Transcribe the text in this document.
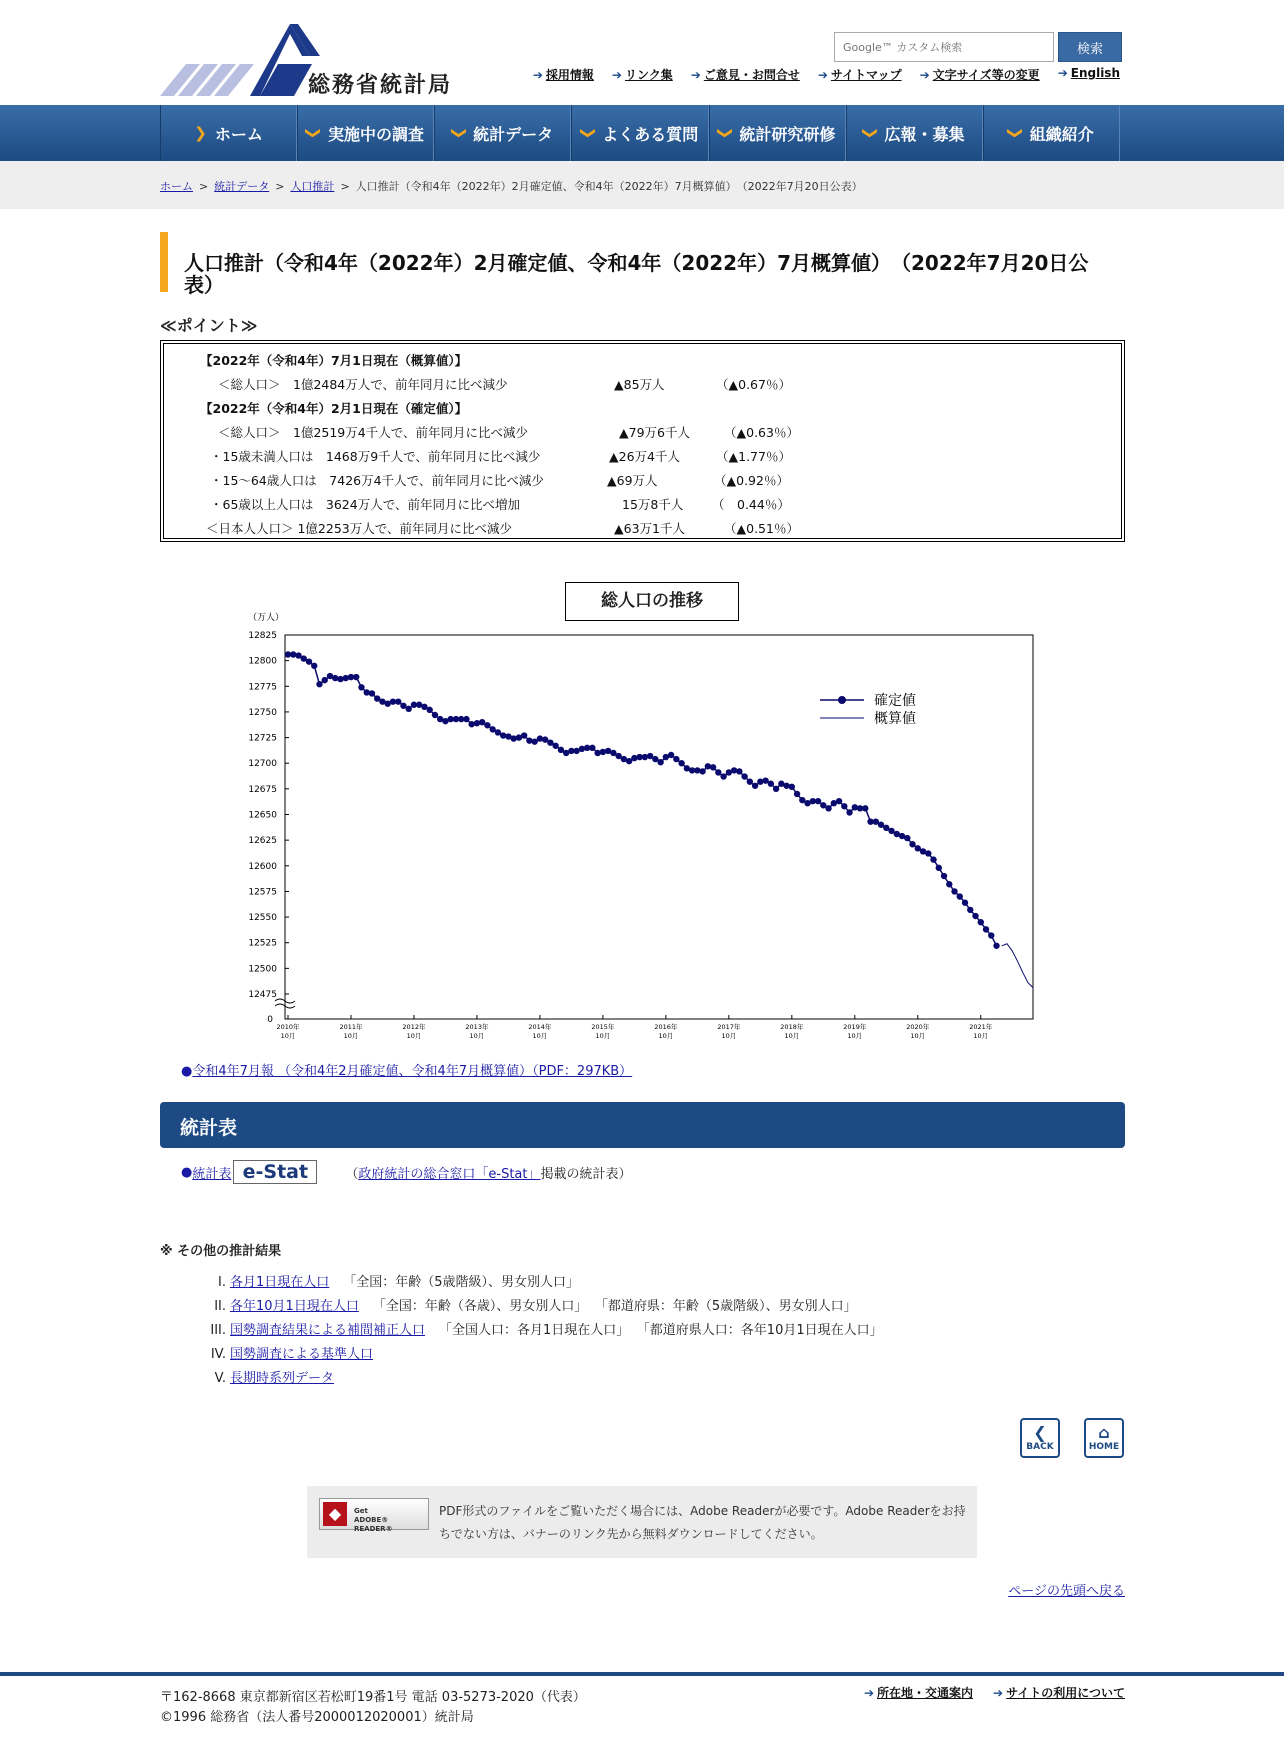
総務省統計局
Google™ カスタム検索
検索
➔ 採用情報 ➔ リンク集 ➔ ご意見・お問合せ ➔ サイトマップ ➔ 文字サイズ等の変更 ➔ English
❯ ホーム	❯ 実施中の調査 ❯ 統計データ ❯ よくある質問 ❯ 統計研究研修 ❯ 広報・募集	❯ 組織紹介
ホーム > 統計データ > 人口推計 > 人口推計（令和4年（2022年）2月確定値、令和4年（2022年）7月概算値）　（2022年7月20日公表）
人口推計（令和4年（2022年）2月確定値、令和4年（2022年）7月概算値）　（2022年7月20日公表）
≪ポイント≫
【2022年（令和4年）7月1日現在（概算値）】
＜総人口＞　1億2484万人で、前年同月に比べ減少	▲85万人	（▲0.67％）
【2022年（令和4年）2月1日現在（確定値）】
＜総人口＞　1億2519万4千人で、前年同月に比べ減少	▲79万6千人	（▲0.63％）
・15歳未満人口は　1468万9千人で、前年同月に比べ減少	▲26万4千人	（▲1.77％）
・15～64歳人口は　7426万4千人で、前年同月に比べ減少	▲69万人	（▲0.92％）
・65歳以上人口は　3624万人で、前年同月に比べ増加	15万8千人 （　0.44％）
＜日本人人口＞ 1億2253万人で、前年同月に比べ減少	▲63万1千人	（▲0.51％）
総人口の推移
（万人）
12825
12800
12775
12750
12725
12700
12675
12650
12625
12600
12575
12550
12525
12500
12475
0
2010年
10月
2011年
10月
2012年
10月
2013年
10月
2014年
10月
2015年
10月
2016年
10月
2017年
10月
2018年
10月
2019年
10月
2020年
10月
2021年
10月
確定値
概算値
●令和4年7月報 （令和4年2月確定値、令和4年7月概算値）（PDF：297KB）
統計表
● 統計表 e-Stat	（ 政府統計の総合窓口「e-Stat」 掲載の統計表）
※ その他の推計結果
I. 各月1日現在人口 「全国：年齢（5歳階級）、男女別人口」
II. 各年10月1日現在人口 「全国：年齢（各歳）、男女別人口」 「都道府県：年齢（5歳階級）、男女別人口」
III. 国勢調査結果による補間補正人口 「全国人口：各月1日現在人口」 「都道府県人口：各年10月1日現在人口」
IV. 国勢調査による基準人口
V. 長期時系列データ
❮
BACK
⌂
HOME
◆	Get
ADOBE® READER®
PDF形式のファイルをご覧いただく場合には、Adobe Readerが必要です。Adobe Readerをお持ちでない方は、バナーのリンク先から無料ダウンロードしてください。
ページの先頭へ戻る
〒162-8668 東京都新宿区若松町19番1号 電話 03-5273-2020（代表）
©1996 総務省（法人番号2000012020001）統計局
➔ 所在地・交通案内 ➔ サイトの利用について
